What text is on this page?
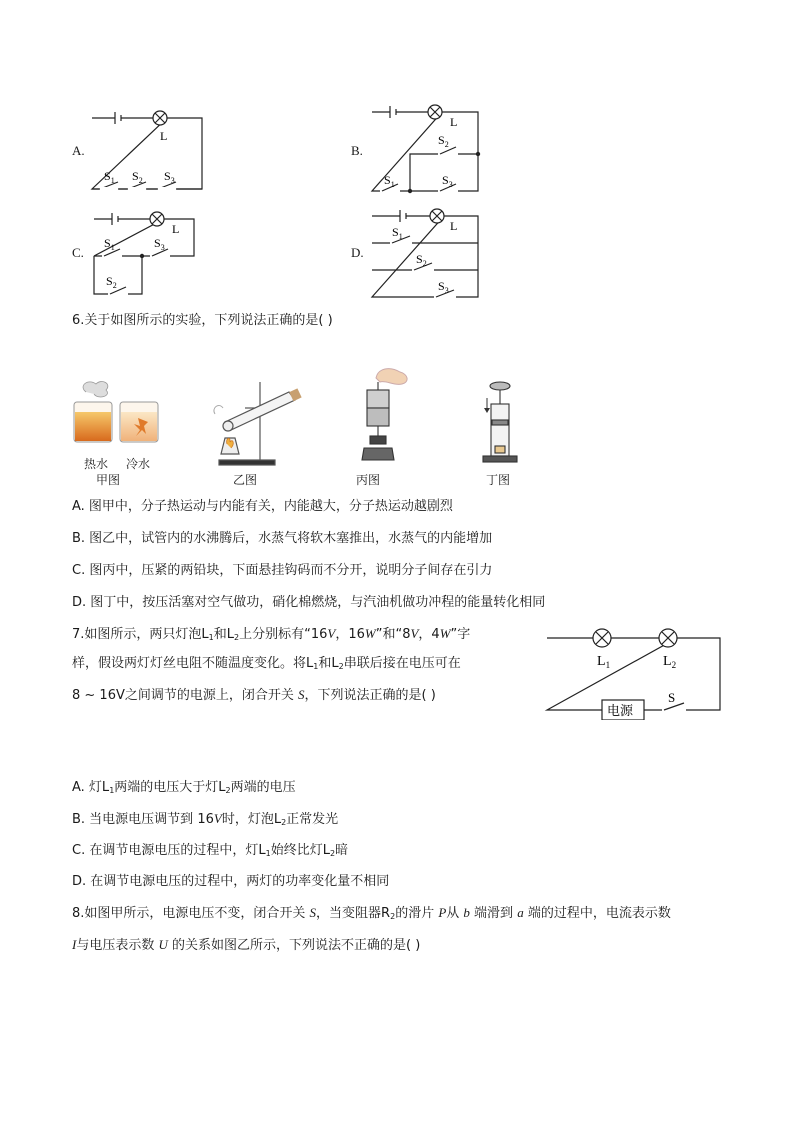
A.
L
$S_1$ $S_2$ $S_3$
B.
L
$S_1$
$S_2$
$S_3$
C.
L
$S_1$	$S_3$
$S_2$
D.
L
$S_1$
$S_2$
$S_3$
6.关于如图所示的实验，下列说法正确的是( )
热水 冷水
甲图	乙图	丙图	丁图
A. 图甲中，分子热运动与内能有关，内能越大，分子热运动越剧烈
B. 图乙中，试管内的水沸腾后，水蒸气将软木塞推出，水蒸气的内能增加
C. 图丙中，压紧的两铅块，下面悬挂钩码而不分开，说明分子间存在引力
D. 图丁中，按压活塞对空气做功，硝化棉燃烧，与汽油机做功冲程的能量转化相同
7.如图所示，两只灯泡$L_1$和$L_2$上分别标有“16V，16W”和“8V，4W”字
样，假设两灯灯丝电阻不随温度变化。将$L_1$和$L_2$串联后接在电压可在
8 ~ 16V之间调节的电源上，闭合开关 S，下列说法正确的是( )
$L_1$	$L_2$
电源
S
A. 灯$L_1$两端的电压大于灯$L_2$两端的电压
B. 当电源电压调节到 16V时，灯泡$L_2$正常发光
C. 在调节电源电压的过程中，灯$L_1$始终比灯$L_2$暗
D. 在调节电源电压的过程中，两灯的功率变化量不相同
8.如图甲所示，电源电压不变，闭合开关 S，当变阻器$R_2$的滑片 P从 b 端滑到 a 端的过程中，电流表示数
I与电压表示数 U 的关系如图乙所示，下列说法不正确的是( )
